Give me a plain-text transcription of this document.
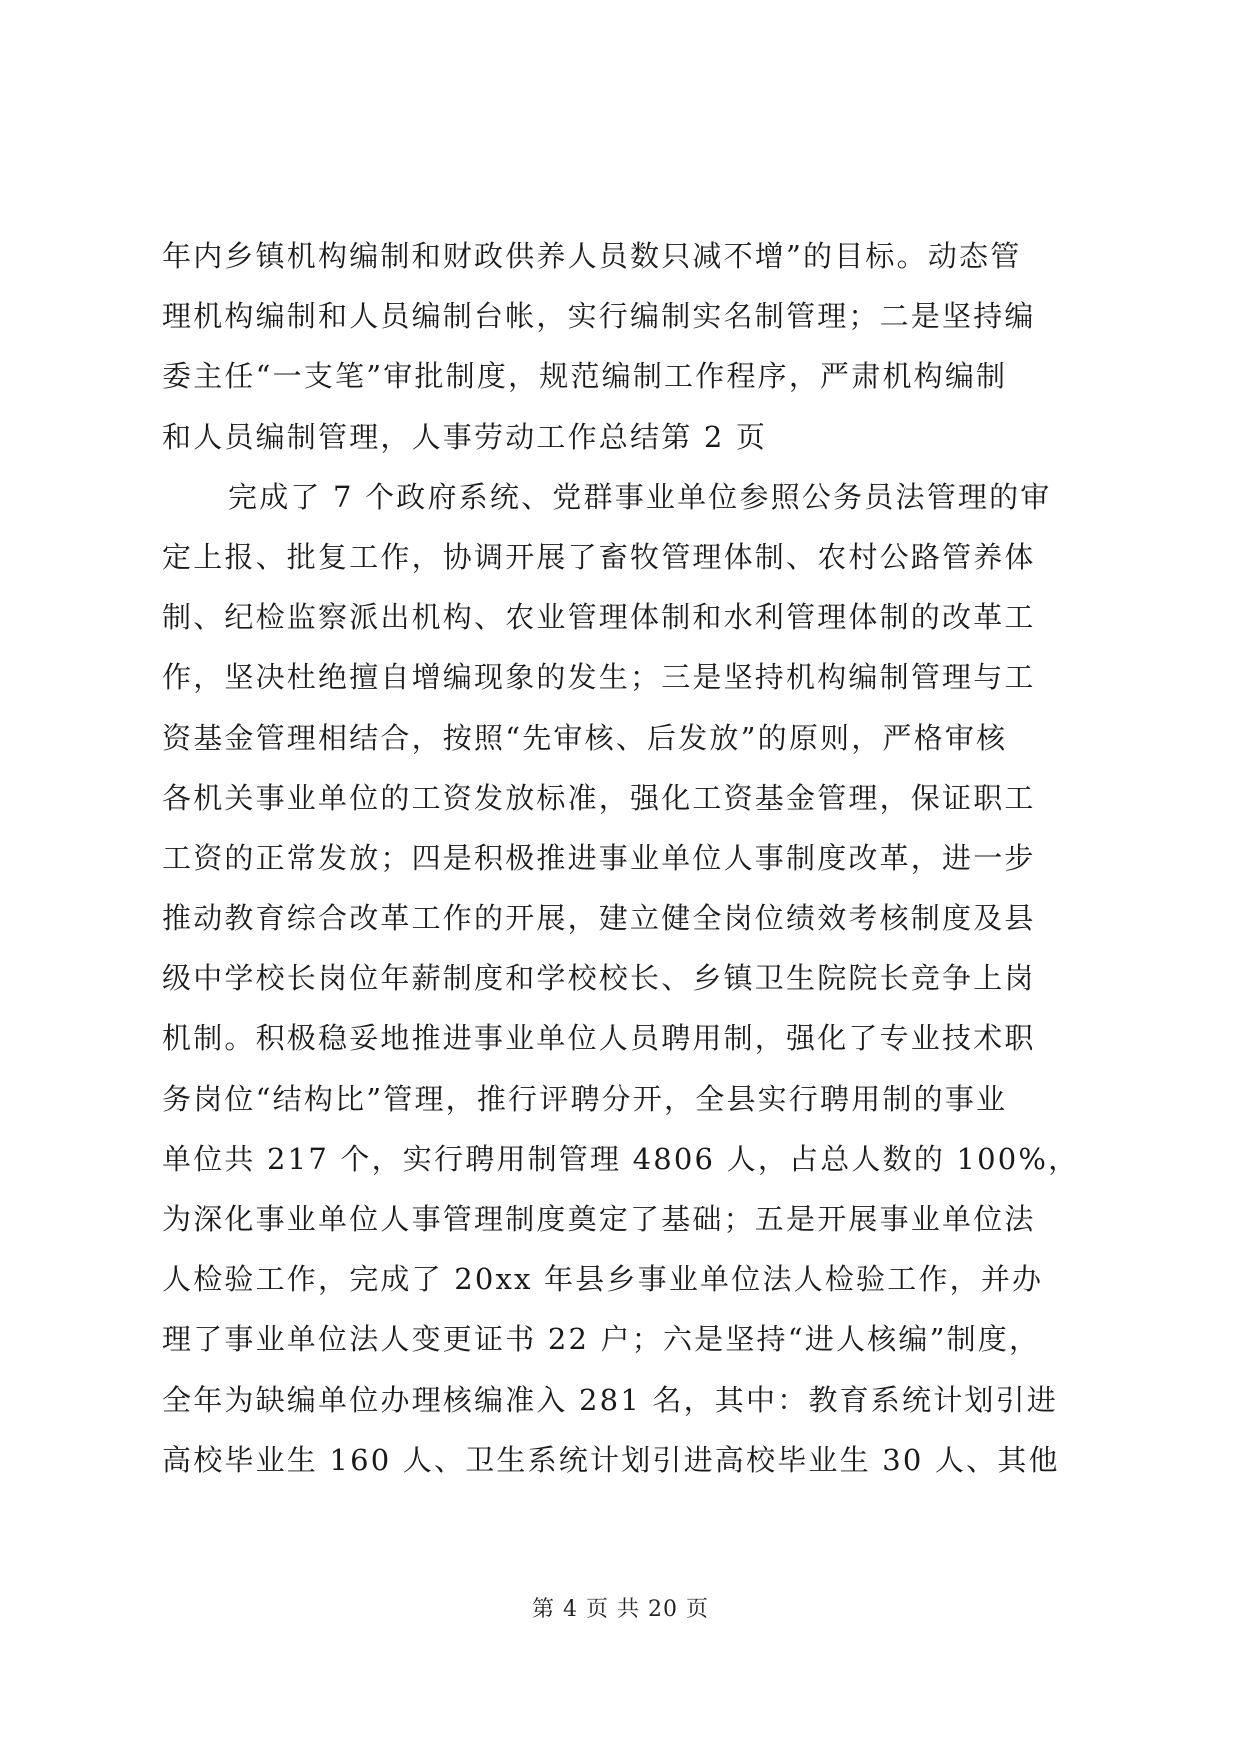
年内乡镇机构编制和财政供养人员数只减不增”的目标。动态管
理机构编制和人员编制台帐，实行编制实名制管理；二是坚持编
委主任“一支笔”审批制度，规范编制工作程序，严肃机构编制
和人员编制管理，人事劳动工作总结第 2 页
完成了 7 个政府系统、党群事业单位参照公务员法管理的审
定上报、批复工作，协调开展了畜牧管理体制、农村公路管养体
制、纪检监察派出机构、农业管理体制和水利管理体制的改革工
作，坚决杜绝擅自增编现象的发生；三是坚持机构编制管理与工
资基金管理相结合，按照“先审核、后发放”的原则，严格审核
各机关事业单位的工资发放标准，强化工资基金管理，保证职工
工资的正常发放；四是积极推进事业单位人事制度改革，进一步
推动教育综合改革工作的开展，建立健全岗位绩效考核制度及县
级中学校长岗位年薪制度和学校校长、乡镇卫生院院长竞争上岗
机制。积极稳妥地推进事业单位人员聘用制，强化了专业技术职
务岗位“结构比”管理，推行评聘分开，全县实行聘用制的事业
单位共 217 个，实行聘用制管理 4806 人，占总人数的 100%，
为深化事业单位人事管理制度奠定了基础；五是开展事业单位法
人检验工作，完成了 20xx 年县乡事业单位法人检验工作，并办
理了事业单位法人变更证书 22 户；六是坚持“进人核编”制度，
全年为缺编单位办理核编准入 281 名，其中：教育系统计划引进
高校毕业生 160 人、卫生系统计划引进高校毕业生 30 人、其他
第 4 页 共 20 页
